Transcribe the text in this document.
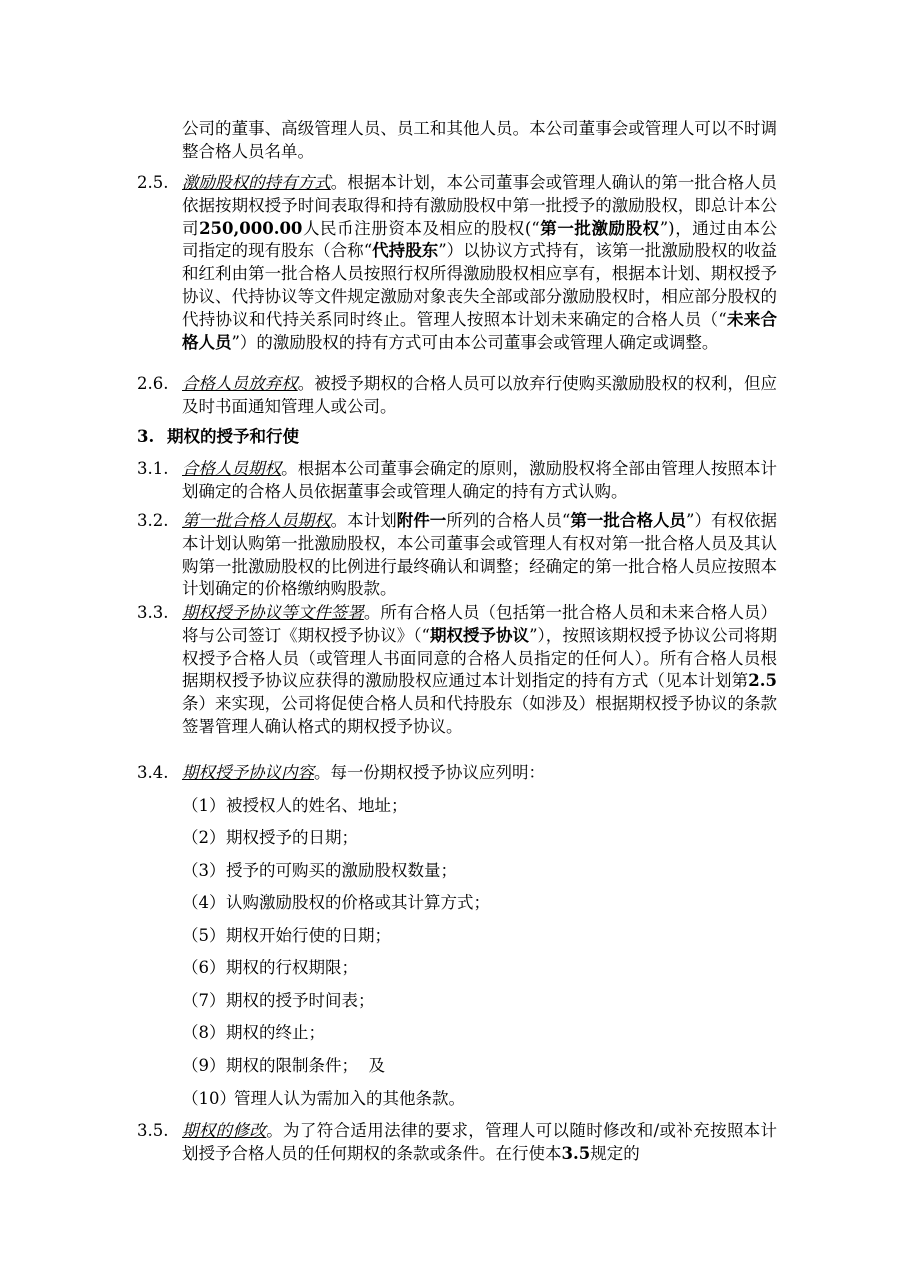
公司的董事、高级管理人员、员工和其他人员。本公司董事会或管理人可以不时调整合格人员名单。
2.5. 激励股权的持有方式。根据本计划，本公司董事会或管理人确认的第一批合格人员依据按期权授予时间表取得和持有激励股权中第一批授予的激励股权，即总计本公司250,000.00人民币注册资本及相应的股权(“第一批激励股权”)，通过由本公司指定的现有股东（合称“代持股东”）以协议方式持有，该第一批激励股权的收益和红利由第一批合格人员按照行权所得激励股权相应享有，根据本计划、期权授予协议、代持协议等文件规定激励对象丧失全部或部分激励股权时，相应部分股权的代持协议和代持关系同时终止。管理人按照本计划未来确定的合格人员（“未来合格人员”）的激励股权的持有方式可由本公司董事会或管理人确定或调整。
2.6. 合格人员放弃权。被授予期权的合格人员可以放弃行使购买激励股权的权利，但应及时书面通知管理人或公司。
3. 期权的授予和行使
3.1. 合格人员期权。根据本公司董事会确定的原则，激励股权将全部由管理人按照本计划确定的合格人员依据董事会或管理人确定的持有方式认购。
3.2. 第一批合格人员期权。本计划附件一所列的合格人员“第一批合格人员”）有权依据本计划认购第一批激励股权，本公司董事会或管理人有权对第一批合格人员及其认购第一批激励股权的比例进行最终确认和调整；经确定的第一批合格人员应按照本计划确定的价格缴纳购股款。
3.3. 期权授予协议等文件签署。所有合格人员（包括第一批合格人员和未来合格人员）将与公司签订《期权授予协议》（“期权授予协议”），按照该期权授予协议公司将期权授予合格人员（或管理人书面同意的合格人员指定的任何人）。所有合格人员根据期权授予协议应获得的激励股权应通过本计划指定的持有方式（见本计划第2.5条）来实现，公司将促使合格人员和代持股东（如涉及）根据期权授予协议的条款签署管理人确认格式的期权授予协议。
3.4. 期权授予协议内容。每一份期权授予协议应列明：
（1）被授权人的姓名、地址；
（2）期权授予的日期；
（3）授予的可购买的激励股权数量；
（4）认购激励股权的价格或其计算方式；
（5）期权开始行使的日期；
（6）期权的行权期限；
（7）期权的授予时间表；
（8）期权的终止；
（9）期权的限制条件；  及
（10）管理人认为需加入的其他条款。
3.5. 期权的修改。为了符合适用法律的要求，管理人可以随时修改和/或补充按照本计划授予合格人员的任何期权的条款或条件。在行使本3.5规定的
